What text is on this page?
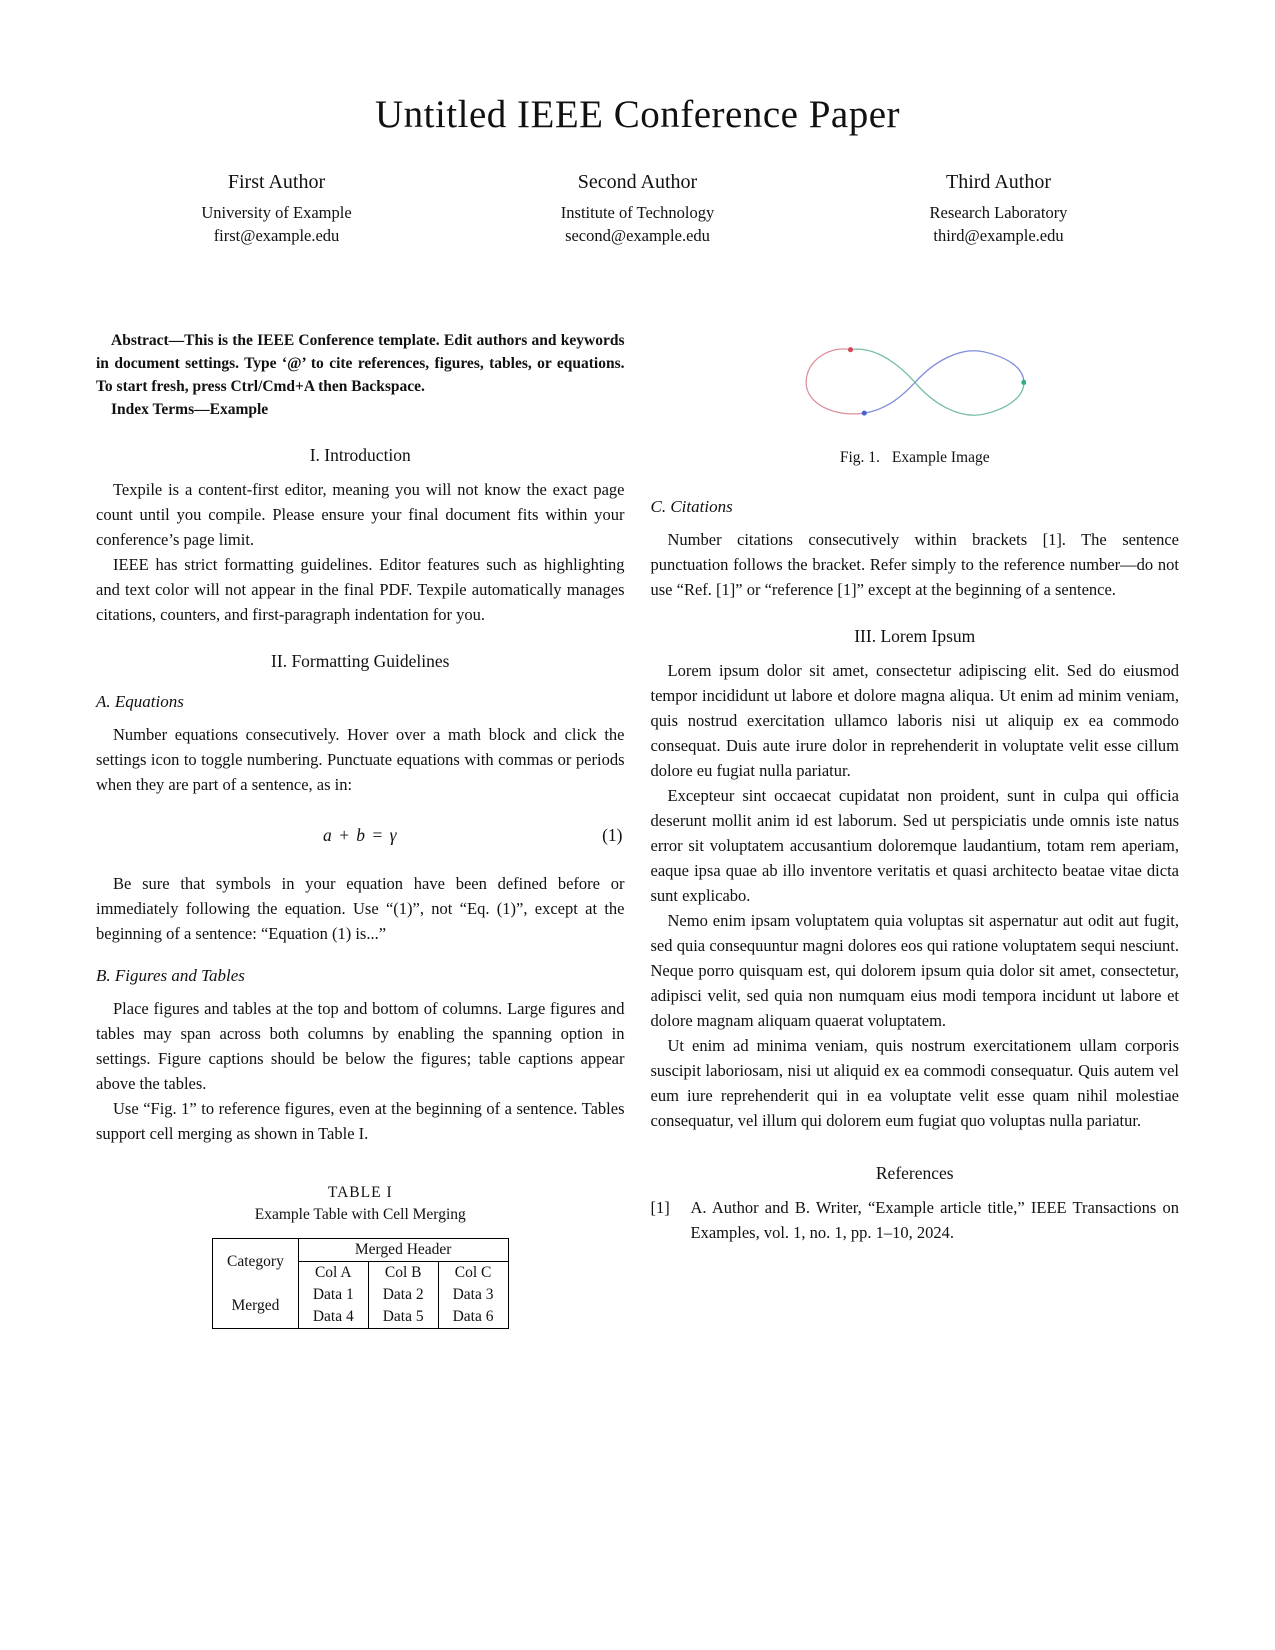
Untitled IEEE Conference Paper
First Author
University of Example
first@example.edu
Second Author
Institute of Technology
second@example.edu
Third Author
Research Laboratory
third@example.edu

Abstract—This is the IEEE Conference template. Edit authors and keywords in document settings. Type ‘@’ to cite references, figures, tables, or equations. To start fresh, press Ctrl/Cmd+A then Backspace.

Index Terms—Example

I. Introduction

Texpile is a content-first editor, meaning you will not know the exact page count until you compile. Please ensure your final document fits within your conference’s page limit.

IEEE has strict formatting guidelines. Editor features such as highlighting and text color will not appear in the final PDF. Texpile automatically manages citations, counters, and first-paragraph indentation for you.

II. Formatting Guidelines
A. Equations

Number equations consecutively. Hover over a math block and click the settings icon to toggle numbering. Punctuate equations with commas or periods when they are part of a sentence, as in:

a + b = γ	(1)

Be sure that symbols in your equation have been defined before or immediately following the equation. Use “(1)”, not “Eq. (1)”, except at the beginning of a sentence: “Equation (1) is...”

B. Figures and Tables

Place figures and tables at the top and bottom of columns. Large figures and tables may span across both columns by enabling the spanning option in settings. Figure captions should be below the figures; table captions appear above the tables.

Use “Fig. 1” to reference figures, even at the beginning of a sentence. Tables support cell merging as shown in Table I.

TABLE I
Example Table with Cell Merging
Category	Merged Header		
	Col A	Col B	Col C
Merged	Data 1	Data 2	Data 3
	Data 4	Data 5	Data 6
Fig. 1. Example Image
C. Citations

Number citations consecutively within brackets [1]. The sentence punctuation follows the bracket. Refer simply to the reference number—do not use “Ref. [1]” or “reference [1]” except at the beginning of a sentence.

III. Lorem Ipsum

Lorem ipsum dolor sit amet, consectetur adipiscing elit. Sed do eiusmod tempor incididunt ut labore et dolore magna aliqua. Ut enim ad minim veniam, quis nostrud exercitation ullamco laboris nisi ut aliquip ex ea commodo consequat. Duis aute irure dolor in reprehenderit in voluptate velit esse cillum dolore eu fugiat nulla pariatur.

Excepteur sint occaecat cupidatat non proident, sunt in culpa qui officia deserunt mollit anim id est laborum. Sed ut perspiciatis unde omnis iste natus error sit voluptatem accusantium doloremque laudantium, totam rem aperiam, eaque ipsa quae ab illo inventore veritatis et quasi architecto beatae vitae dicta sunt explicabo.

Nemo enim ipsam voluptatem quia voluptas sit aspernatur aut odit aut fugit, sed quia consequuntur magni dolores eos qui ratione voluptatem sequi nesciunt. Neque porro quisquam est, qui dolorem ipsum quia dolor sit amet, consectetur, adipisci velit, sed quia non numquam eius modi tempora incidunt ut labore et dolore magnam aliquam quaerat voluptatem.

Ut enim ad minima veniam, quis nostrum exercitationem ullam corporis suscipit laboriosam, nisi ut aliquid ex ea commodi consequatur. Quis autem vel eum iure reprehenderit qui in ea voluptate velit esse quam nihil molestiae consequatur, vel illum qui dolorem eum fugiat quo voluptas nulla pariatur.

References
[1]	A. Author and B. Writer, “Example article title,” IEEE Transactions on Examples, vol. 1, no. 1, pp. 1–10, 2024.
